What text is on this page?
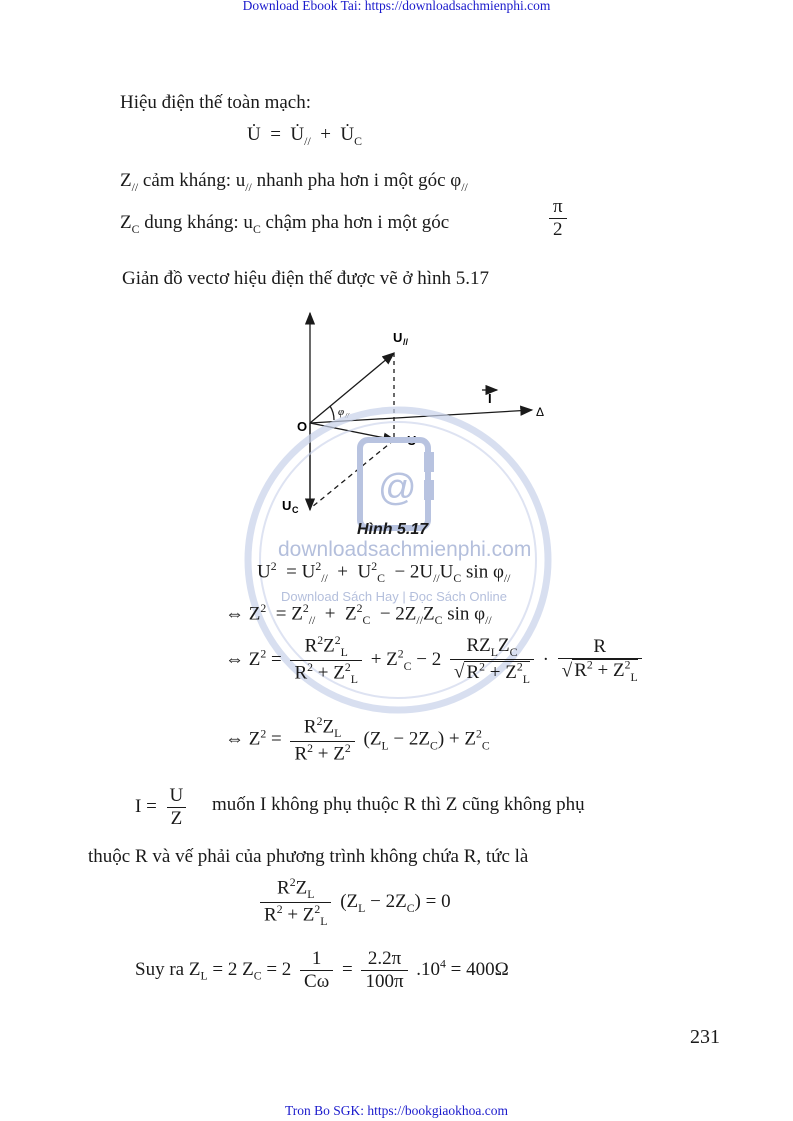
Download Ebook Tai: https://downloadsachmienphi.com
Tron Bo SGK: https://bookgiaokhoa.com
Hiệu điện thế toàn mạch:
U̇  =  $U̇_{//}$  +  $U̇_C$
$Z_{//}$ cảm kháng: $u_{//}$ nhanh pha hơn i một góc $\varphi_{//}$
$Z_C$ dung kháng: $u_C$ chậm pha hơn i một góc	$\frac{\pi}{2}$
Giản đồ vectơ hiệu điện thế được vẽ ở hình 5.17
O
U //
I
Δ
U
U C
φ //
@
Hình 5.17
downloadsachmienphi.com
Download Sách Hay | Đọc Sách Online
$U^2 = U^2_{//} + U^2_C - 2U_{//}U_C$ $\sin \varphi_{//}$
⇔ $Z^2 = Z^2_{//} + Z^2_C - 2Z_{//}Z_C$ $\sin \varphi_{//}$
⇔ $Z^2 = \frac{R^2Z^2_L}{R^2 + Z^2_L} + Z^2_C - 2 \frac{RZ_LZ_C}{√ R^2 + Z^2_L} \cdot \frac{R}{√ R^2 + Z^2_L}$
⇔ $Z^2 = \frac{R^2Z_L}{R^2 + Z^2} (Z_L - 2Z_C) + Z^2_C$
$I = \frac{U}{Z}$ muốn I không phụ thuộc R thì Z cũng không phụ
thuộc R và vế phải của phương trình không chứa R, tức là
$\frac{R^2Z_L}{R^2 + Z^2_L} (Z_L - 2Z_C) = 0$
Suy ra $Z_L = 2$ $Z_C = 2 \frac{1}{C\omega} = \frac{2.2\pi}{100\pi} .10^4 = 400\Omega$
231
